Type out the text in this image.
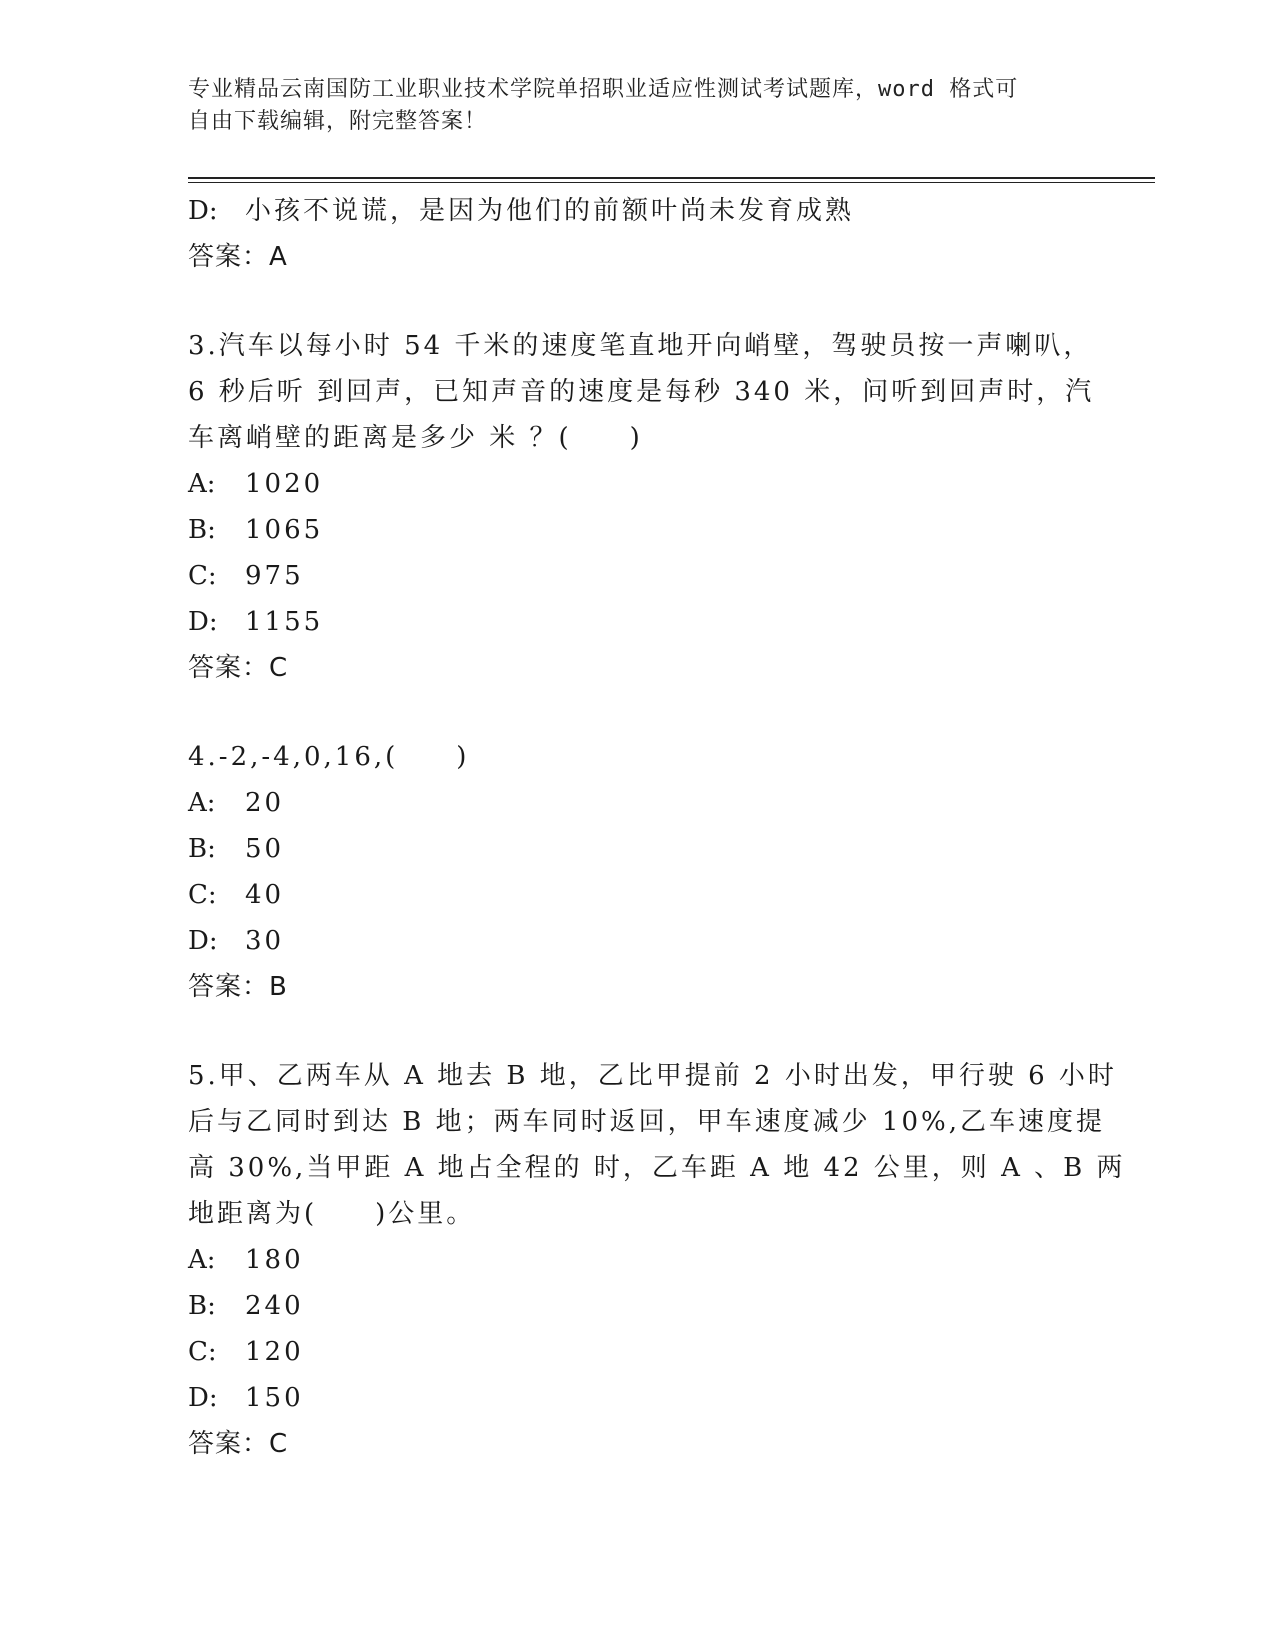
专业精品云南国防工业职业技术学院单招职业适应性测试考试题库，word 格式可
自由下载编辑，附完整答案！
D: 小孩不说谎，是因为他们的前额叶尚未发育成熟
答案：A
3.汽车以每小时 54 千米的速度笔直地开向峭壁，驾驶员按一声喇叭，
6 秒后听 到回声，已知声音的速度是每秒 340 米，问听到回声时，汽
车离峭壁的距离是多少 米 ？(　　)
A: 1020
B: 1065
C: 975
D: 1155
答案：C
4.-2,-4,0,16,(　　)
A: 20
B: 50
C: 40
D: 30
答案：B
5.甲、乙两车从 A 地去 B 地，乙比甲提前 2 小时出发，甲行驶 6 小时
后与乙同时到达 B 地；两车同时返回，甲车速度减少 10%,乙车速度提
高 30%,当甲距 A 地占全程的 时，乙车距 A 地 42 公里，则 A 、B 两
地距离为(　　)公里。
A: 180
B: 240
C: 120
D: 150
答案：C
